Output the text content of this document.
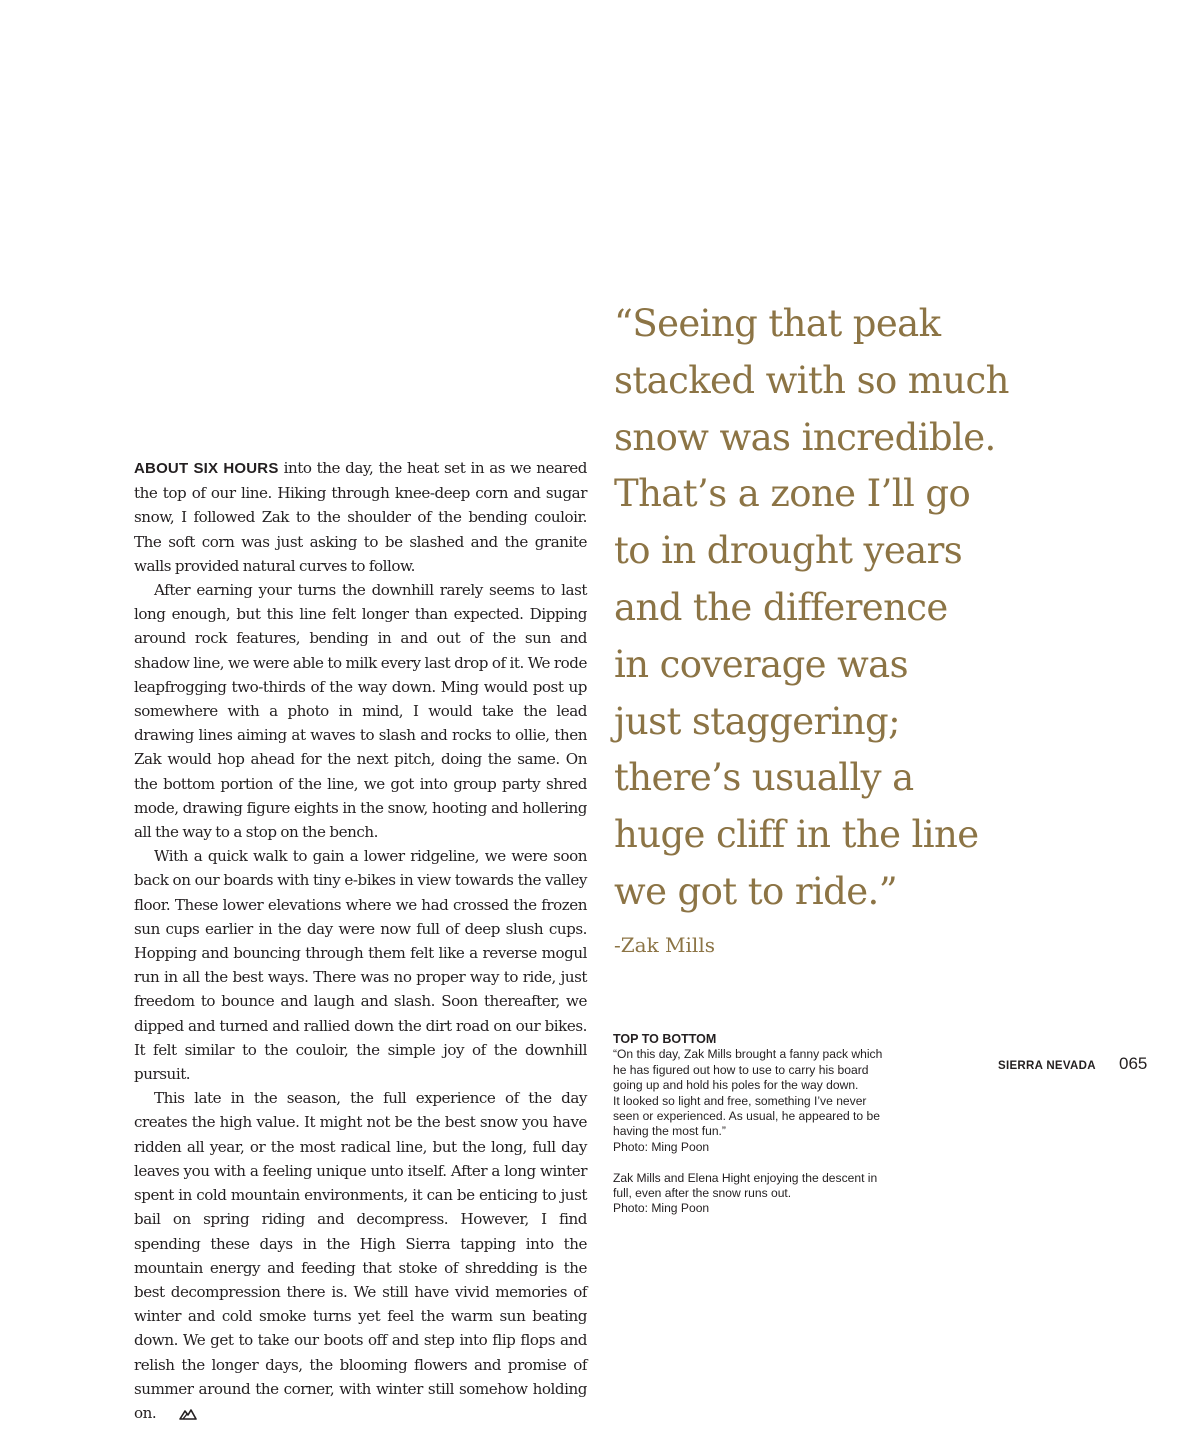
ABOUT SIX HOURS into the day, the heat set in as we neared the top of our line. Hiking through knee-deep corn and sugar snow, I followed Zak to the shoulder of the bending couloir. The soft corn was just asking to be slashed and the granite walls provided natural curves to follow.

After earning your turns the downhill rarely seems to last long enough, but this line felt longer than expected. Dipping around rock features, bending in and out of the sun and shadow line, we were able to milk every last drop of it. We rode leapfrogging two-thirds of the way down. Ming would post up somewhere with a photo in mind, I would take the lead drawing lines aiming at waves to slash and rocks to ollie, then Zak would hop ahead for the next pitch, doing the same. On the bottom portion of the line, we got into group party shred mode, drawing figure eights in the snow, hooting and hollering all the way to a stop on the bench.

With a quick walk to gain a lower ridgeline, we were soon back on our boards with tiny e-bikes in view towards the valley floor. These lower elevations where we had crossed the frozen sun cups earlier in the day were now full of deep slush cups. Hopping and bouncing through them felt like a reverse mogul run in all the best ways. There was no proper way to ride, just freedom to bounce and laugh and slash. Soon thereafter, we dipped and turned and rallied down the dirt road on our bikes. It felt similar to the couloir, the simple joy of the downhill pursuit.

This late in the season, the full experience of the day creates the high value. It might not be the best snow you have ridden all year, or the most radical line, but the long, full day leaves you with a feeling unique unto itself. After a long winter spent in cold mountain environments, it can be enticing to just bail on spring riding and decompress. However, I find spending these days in the High Sierra tapping into the mountain energy and feeding that stoke of shredding is the best decompression there is. We still have vivid memories of winter and cold smoke turns yet feel the warm sun beating down. We get to take our boots off and step into flip flops and relish the longer days, the blooming flowers and promise of summer around the corner, with winter still somehow holding on.

“Seeing that peak
stacked with so much
snow was incredible.
That’s a zone I’ll go
to in drought years
and the difference
in coverage was
just staggering;
there’s usually a
huge cliff in the line
we got to ride.”
-Zak Mills
TOP TO BOTTOM
“On this day, Zak Mills brought a fanny pack which
he has figured out how to use to carry his board
going up and hold his poles for the way down.
It looked so light and free, something I’ve never
seen or experienced. As usual, he appeared to be
having the most fun.”
Photo: Ming Poon
Zak Mills and Elena Hight enjoying the descent in
full, even after the snow runs out.
Photo: Ming Poon
SIERRA NEVADA 065
